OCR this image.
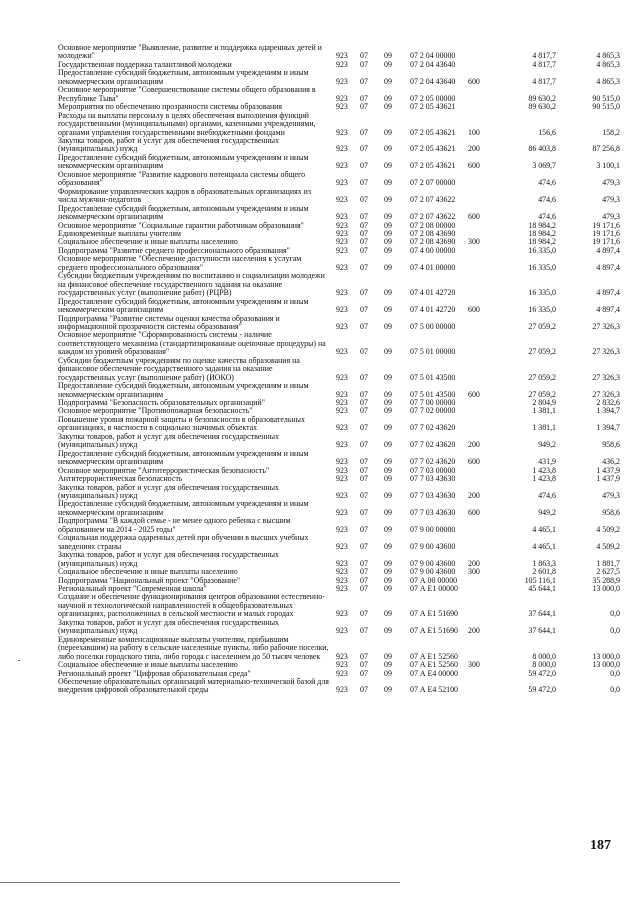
Основное мероприятие "Выявление, развитие и поддержка одаренных детей и молодежи"	923	07	09	07 2 04 00000		4 817,7	4 865,3
Государственная поддержка талантливой молодежи	923	07	09	07 2 04 43640		4 817,7	4 865,3
Предоставление субсидий бюджетным, автономным учреждениям и иным некоммерческим организациям	923	07	09	07 2 04 43640	600	4 817,7	4 865,3
Основное мероприятие "Совершенствование системы общего образования в Республике Тыва"	923	07	09	07 2 05 00000		89 630,2	90 515,0
Мероприятия по обеспечению прозрачности системы образования	923	07	09	07 2 05 43621		89 630,2	90 515,0
Расходы на выплаты персоналу в целях обеспечения выполнения функций государственными (муниципальными) органами, казенными учреждениями, органами управления государственными внебюджетными фондами	923	07	09	07 2 05 43621	100	156,6	158,2
Закупка товаров, работ и услуг для обеспечения государственных (муниципальных) нужд	923	07	09	07 2 05 43621	200	86 403,8	87 256,8
Предоставление субсидий бюджетным, автономным учреждениям и иным некоммерческим организациям	923	07	09	07 2 05 43621	600	3 069,7	3 100,1
Основное мероприятие "Развитие кадрового потенциала системы общего образования"	923	07	09	07 2 07 00000		474,6	479,3
Формирование управленческих кадров в образовательных организациях из числа мужчин-педагогов	923	07	09	07 2 07 43622		474,6	479,3
Предоставление субсидий бюджетным, автономным учреждениям и иным некоммерческим организациям	923	07	09	07 2 07 43622	600	474,6	479,3
Основное мероприятие "Социальные гарантии работникам образования"	923	07	09	07 2 08 00000		18 984,2	19 171,6
Единовременные выплаты учителям	923	07	09	07 2 08 43690		18 984,2	19 171,6
Социальное обеспечение и иные выплаты населению	923	07	09	07 2 08 43690	300	18 984,2	19 171,6
Подпрограмма "Развитие среднего профессионального образования"	923	07	09	07 4 00 00000		16 335,0	4 897,4
Основное мероприятие "Обеспечение доступности населения к услугам среднего профессионального образования"	923	07	09	07 4 01 00000		16 335,0	4 897,4
Субсидии бюджетным учреждениям по воспитанию и социализации молодежи на финансовое обеспечение государственного задания на оказание государственных услуг (выполнение работ) (РЦРВ)	923	07	09	07 4 01 42720		16 335,0	4 897,4
Предоставление субсидий бюджетным, автономным учреждениям и иным некоммерческим организациям	923	07	09	07 4 01 42720	600	16 335,0	4 897,4
Подпрограмма "Развитие системы оценки качества образования и информационной прозрачности системы образования"	923	07	09	07 5 00 00000		27 059,2	27 326,3
Основное мероприятие "Сформированность системы - наличие соответствующего механизма (стандартизированные оценочные процедуры) на каждом из уровней образования"	923	07	09	07 5 01 00000		27 059,2	27 326,3
Субсидии бюджетным учреждениям по оценке качества образования на финансовое обеспечение государственного задания на оказание государственных услуг (выполнение работ) (ИОКО)	923	07	09	07 5 01 43500		27 059,2	27 326,3
Предоставление субсидий бюджетным, автономным учреждениям и иным некоммерческим организациям	923	07	09	07 5 01 43500	600	27 059,2	27 326,3
Подпрограмма "Безопасность образовательных организаций"	923	07	09	07 7 00 00000		2 804,9	2 832,6
Основное мероприятие "Противопожарная безопасность"	923	07	09	07 7 02 00000		1 381,1	1 394,7
Повышение уровня пожарной защиты и безопасности в образовательных организациях, в частности в социально значимых объектах	923	07	09	07 7 02 43620		1 381,1	1 394,7
Закупка товаров, работ и услуг для обеспечения государственных (муниципальных) нужд	923	07	09	07 7 02 43620	200	949,2	958,6
Предоставление субсидий бюджетным, автономным учреждениям и иным некоммерческим организациям	923	07	09	07 7 02 43620	600	431,9	436,2
Основное мероприятие "Антитеррористическая безопасность"	923	07	09	07 7 03 00000		1 423,8	1 437,9
Антитеррористическая безопасность	923	07	09	07 7 03 43630		1 423,8	1 437,9
Закупка товаров, работ и услуг для обеспечения государственных (муниципальных) нужд	923	07	09	07 7 03 43630	200	474,6	479,3
Предоставление субсидий бюджетным, автономным учреждениям и иным некоммерческим организациям	923	07	09	07 7 03 43630	600	949,2	958,6
Подпрограмма "В каждой семье - не менее одного ребенка с высшим образованием на 2014 - 2025 годы"	923	07	09	07 9 00 00000		4 465,1	4 509,2
Социальная поддержка одаренных детей при обучении в высших учебных заведениях страны	923	07	09	07 9 00 43600		4 465,1	4 509,2
Закупка товаров, работ и услуг для обеспечения государственных (муниципальных) нужд	923	07	09	07 9 00 43600	200	1 863,3	1 881,7
Социальное обеспечение и иные выплаты населению	923	07	09	07 9 00 43600	300	2 601,8	2 627,5
Подпрограмма "Национальный проект "Образование"	923	07	09	07 А 00 00000		105 116,1	35 288,9
Региональный проект "Современная школа"	923	07	09	07 А Е1 00000		45 644,1	13 000,0
Создание и обеспечение функционирования центров образования естественно-научной и технологической направленностей в общеобразовательных организациях, расположенных в сельской местности и малых городах	923	07	09	07 А Е1 51690		37 644,1	0,0
Закупка товаров, работ и услуг для обеспечения государственных (муниципальных) нужд	923	07	09	07 А Е1 51690	200	37 644,1	0,0
Единовременные компенсационные выплаты учителям, прибывшим (переехавшим) на работу в сельские населенные пункты, либо рабочие поселки, либо поселки городского типа, либо города с населением до 50 тысяч человек	923	07	09	07 А Е1 52560		8 000,0	13 000,0
Социальное обеспечение и иные выплаты населению	923	07	09	07 А Е1 52560	300	8 000,0	13 000,0
Региональный проект "Цифровая образовательная среда"	923	07	09	07 А Е4 00000		59 472,0	0,0
Обеспечение образовательных организаций материально-технической базой для внедрения цифровой образовательной среды	923	07	09	07 А Е4 52100		59 472,0	0,0
187
